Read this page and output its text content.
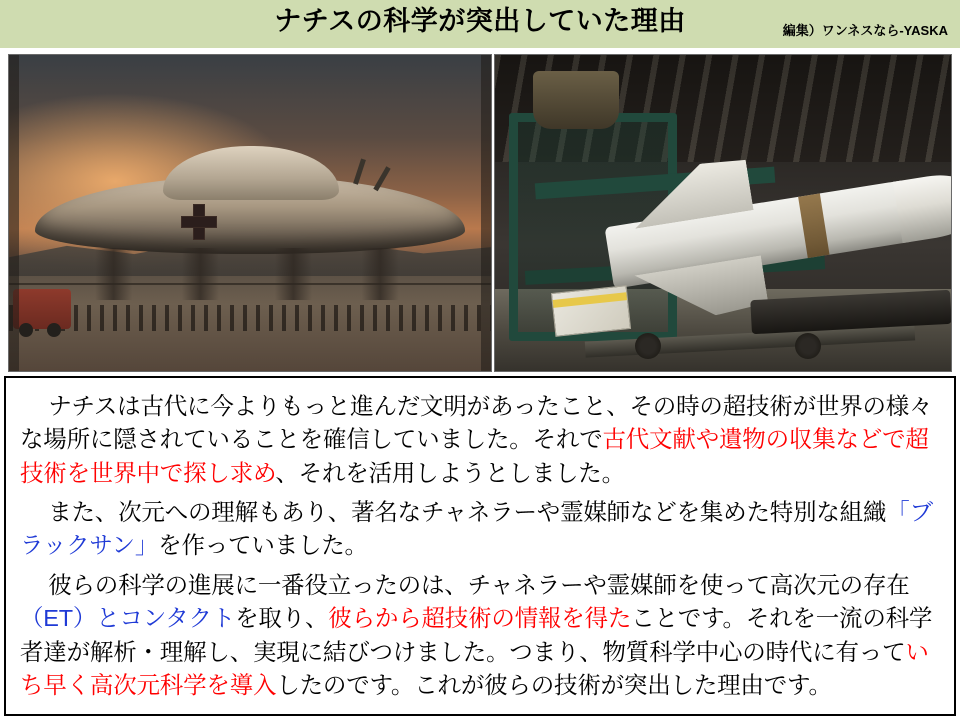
ナチスの科学が突出していた理由	編集）ワンネスなら-YASKA

ナチスは古代に今よりもっと進んだ文明があったこと、その時の超技術が世界の様々な場所に隠されていることを確信していました。それで古代文献や遺物の収集などで超技術を世界中で探し求め、それを活用しようとしました。

また、次元への理解もあり、著名なチャネラーや霊媒師などを集めた特別な組織「ブラックサン」を作っていました。

彼らの科学の進展に一番役立ったのは、チャネラーや霊媒師を使って高次元の存在（ET）とコンタクトを取り、彼らから超技術の情報を得たことです。それを一流の科学者達が解析・理解し、実現に結びつけました。つまり、物質科学中心の時代に有っていち早く高次元科学を導入したのです。これが彼らの技術が突出した理由です。
